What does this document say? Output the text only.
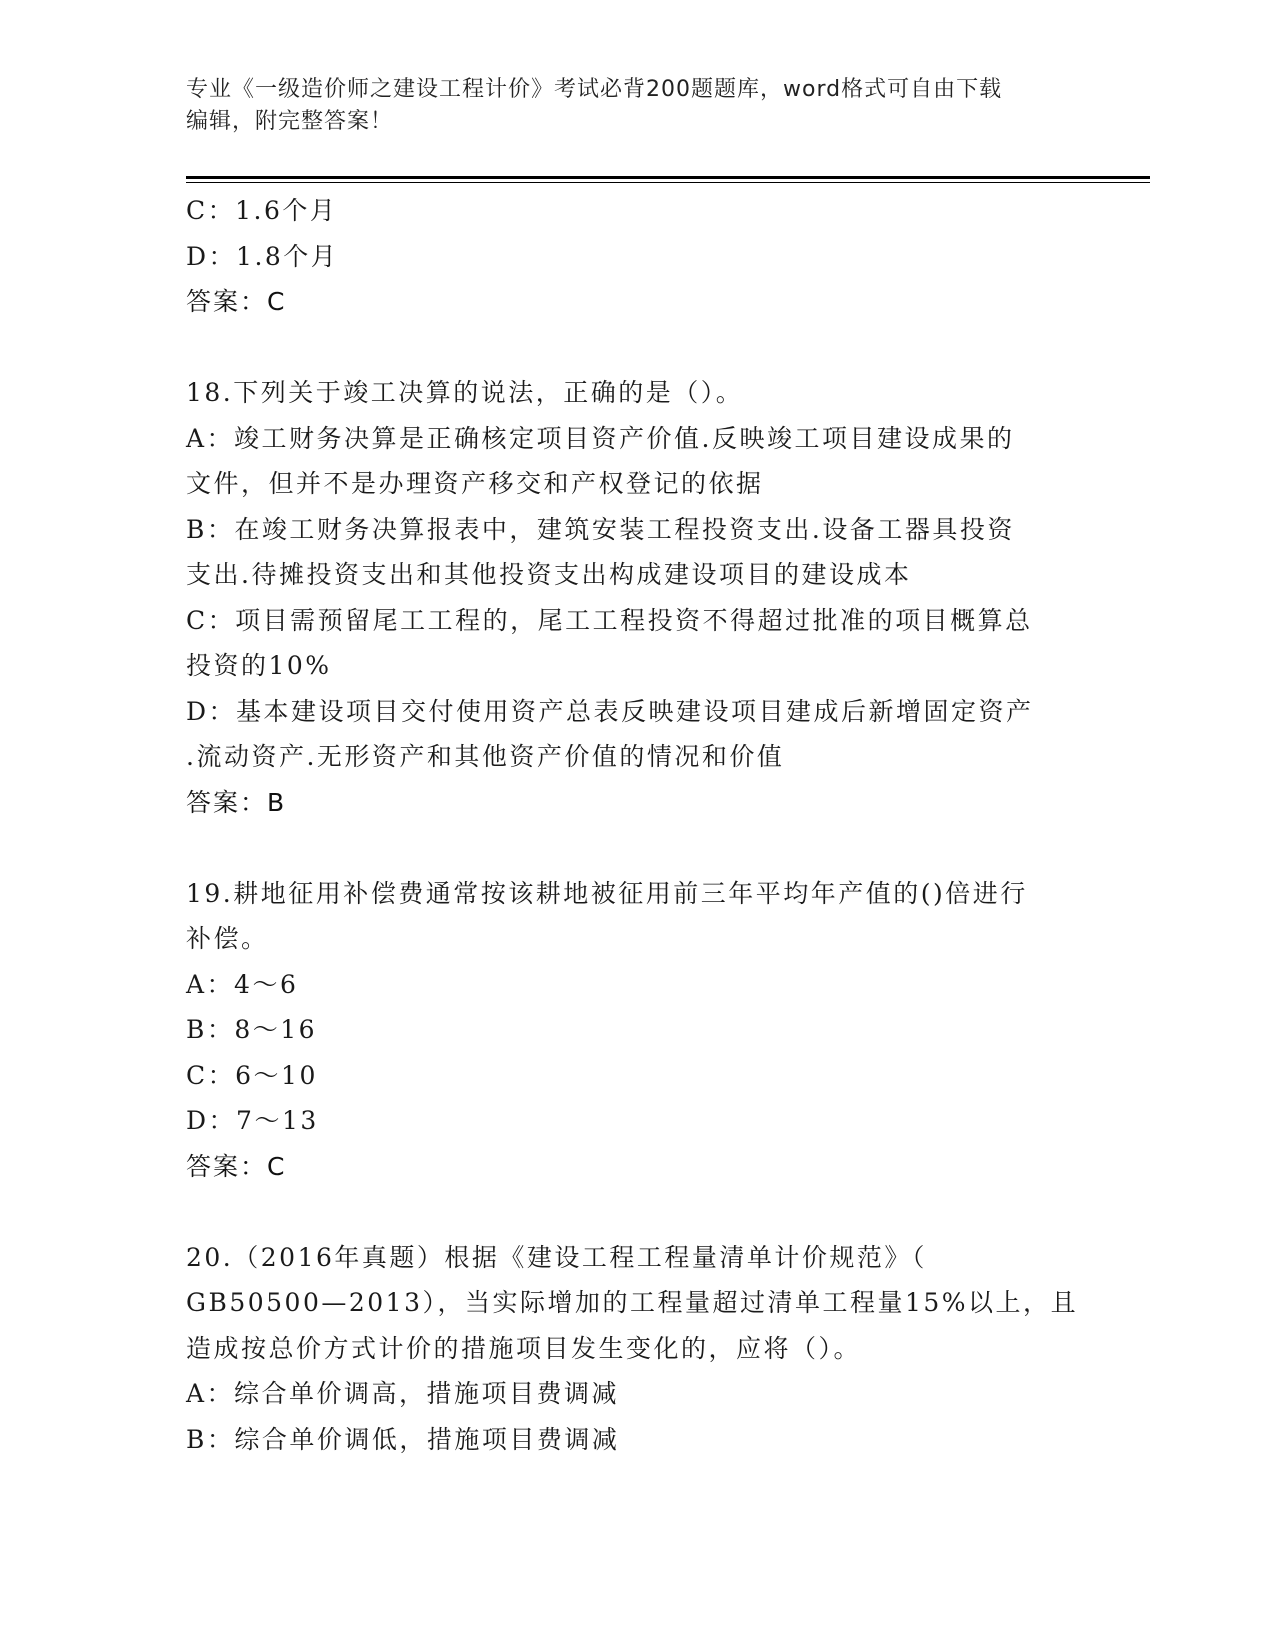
专业《一级造价师之建设工程计价》考试必背200题题库，word格式可自由下载
编辑，附完整答案！
C：1.6个月
D：1.8个月
答案：C
18.下列关于竣工决算的说法，正确的是（）。
A：竣工财务决算是正确核定项目资产价值.反映竣工项目建设成果的
文件，但并不是办理资产移交和产权登记的依据
B：在竣工财务决算报表中，建筑安装工程投资支出.设备工器具投资
支出.待摊投资支出和其他投资支出构成建设项目的建设成本
C：项目需预留尾工工程的，尾工工程投资不得超过批准的项目概算总
投资的10%
D：基本建设项目交付使用资产总表反映建设项目建成后新增固定资产
.流动资产.无形资产和其他资产价值的情况和价值
答案：B
19.耕地征用补偿费通常按该耕地被征用前三年平均年产值的()倍进行
补偿。
A：4～6
B：8～16
C：6～10
D：7～13
答案：C
20.（2016年真题）根据《建设工程工程量清单计价规范》（
GB50500—2013），当实际增加的工程量超过清单工程量15%以上，且
造成按总价方式计价的措施项目发生变化的，应将（）。
A：综合单价调高，措施项目费调减
B：综合单价调低，措施项目费调减
